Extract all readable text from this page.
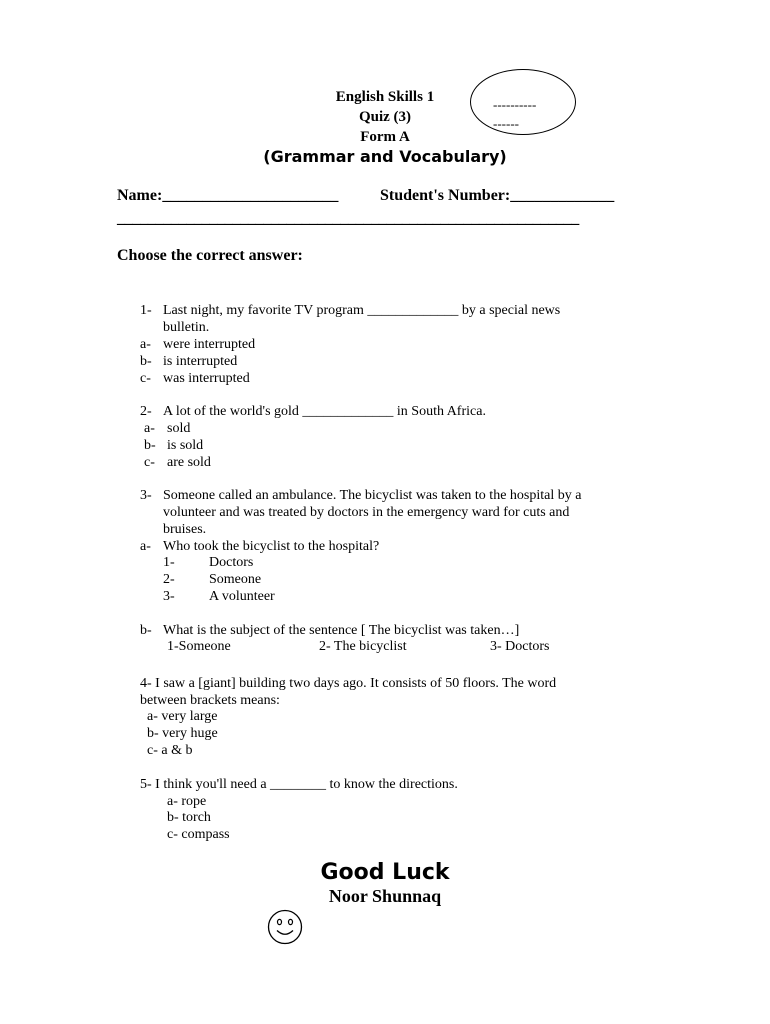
English Skills 1
Quiz (3)
Form A
(Grammar and Vocabulary)
----------
------
Name:______________________	Student's Number:_____________
____________________________________________________________
Choose the correct answer:
1- Last night, my favorite TV program _____________ by a special news
bulletin.
a- were interrupted
b- is interrupted
c- was interrupted
2- A lot of the world's gold _____________ in South Africa.
a- sold
b- is sold
c- are sold
3- Someone called an ambulance. The bicyclist was taken to the hospital by a
volunteer and was treated by doctors in the emergency ward for cuts and
bruises.
a- Who took the bicyclist to the hospital?
1- Doctors
2- Someone
3- A volunteer
b- What is the subject of the sentence [ The bicyclist was taken…]
1-Someone	2- The bicyclist	3- Doctors
4- I saw a [giant] building two days ago. It consists of 50 floors. The word
between brackets means:
a- very large
b- very huge
c- a & b
5- I think you'll need a ________ to know the directions.
a- rope
b- torch
c- compass
Good Luck
Noor Shunnaq
